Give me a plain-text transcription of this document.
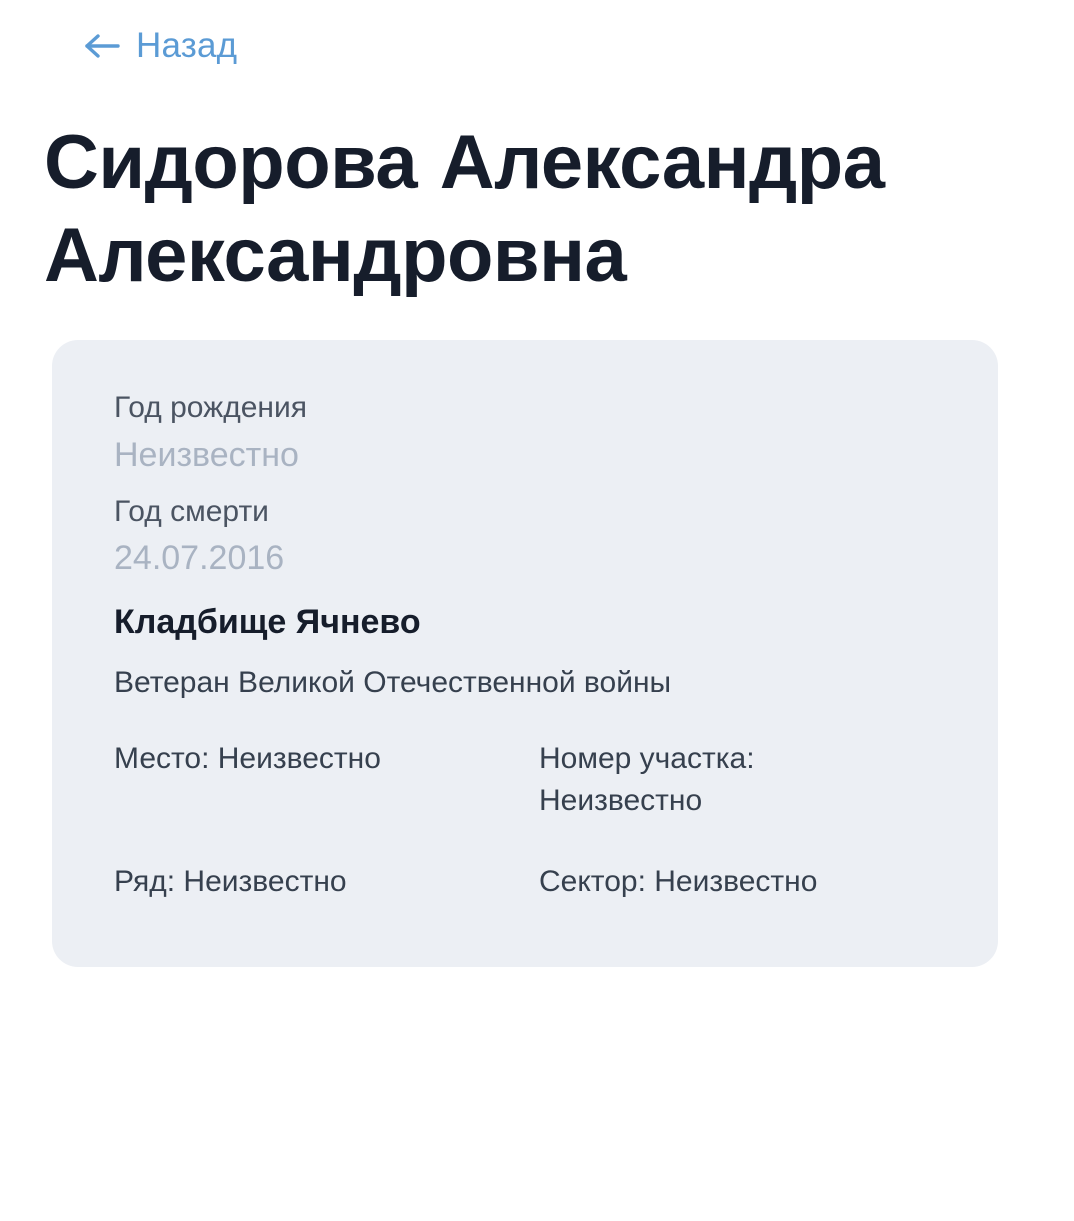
Назад
Сидорова Александра Александровна

Год рождения

Неизвестно

Год смерти

24.07.2016

Кладбище Ячнево

Ветеран Великой Отечественной войны

Место: Неизвестно	Номер участка: Неизвестно
Ряд: Неизвестно	Сектор: Неизвестно
